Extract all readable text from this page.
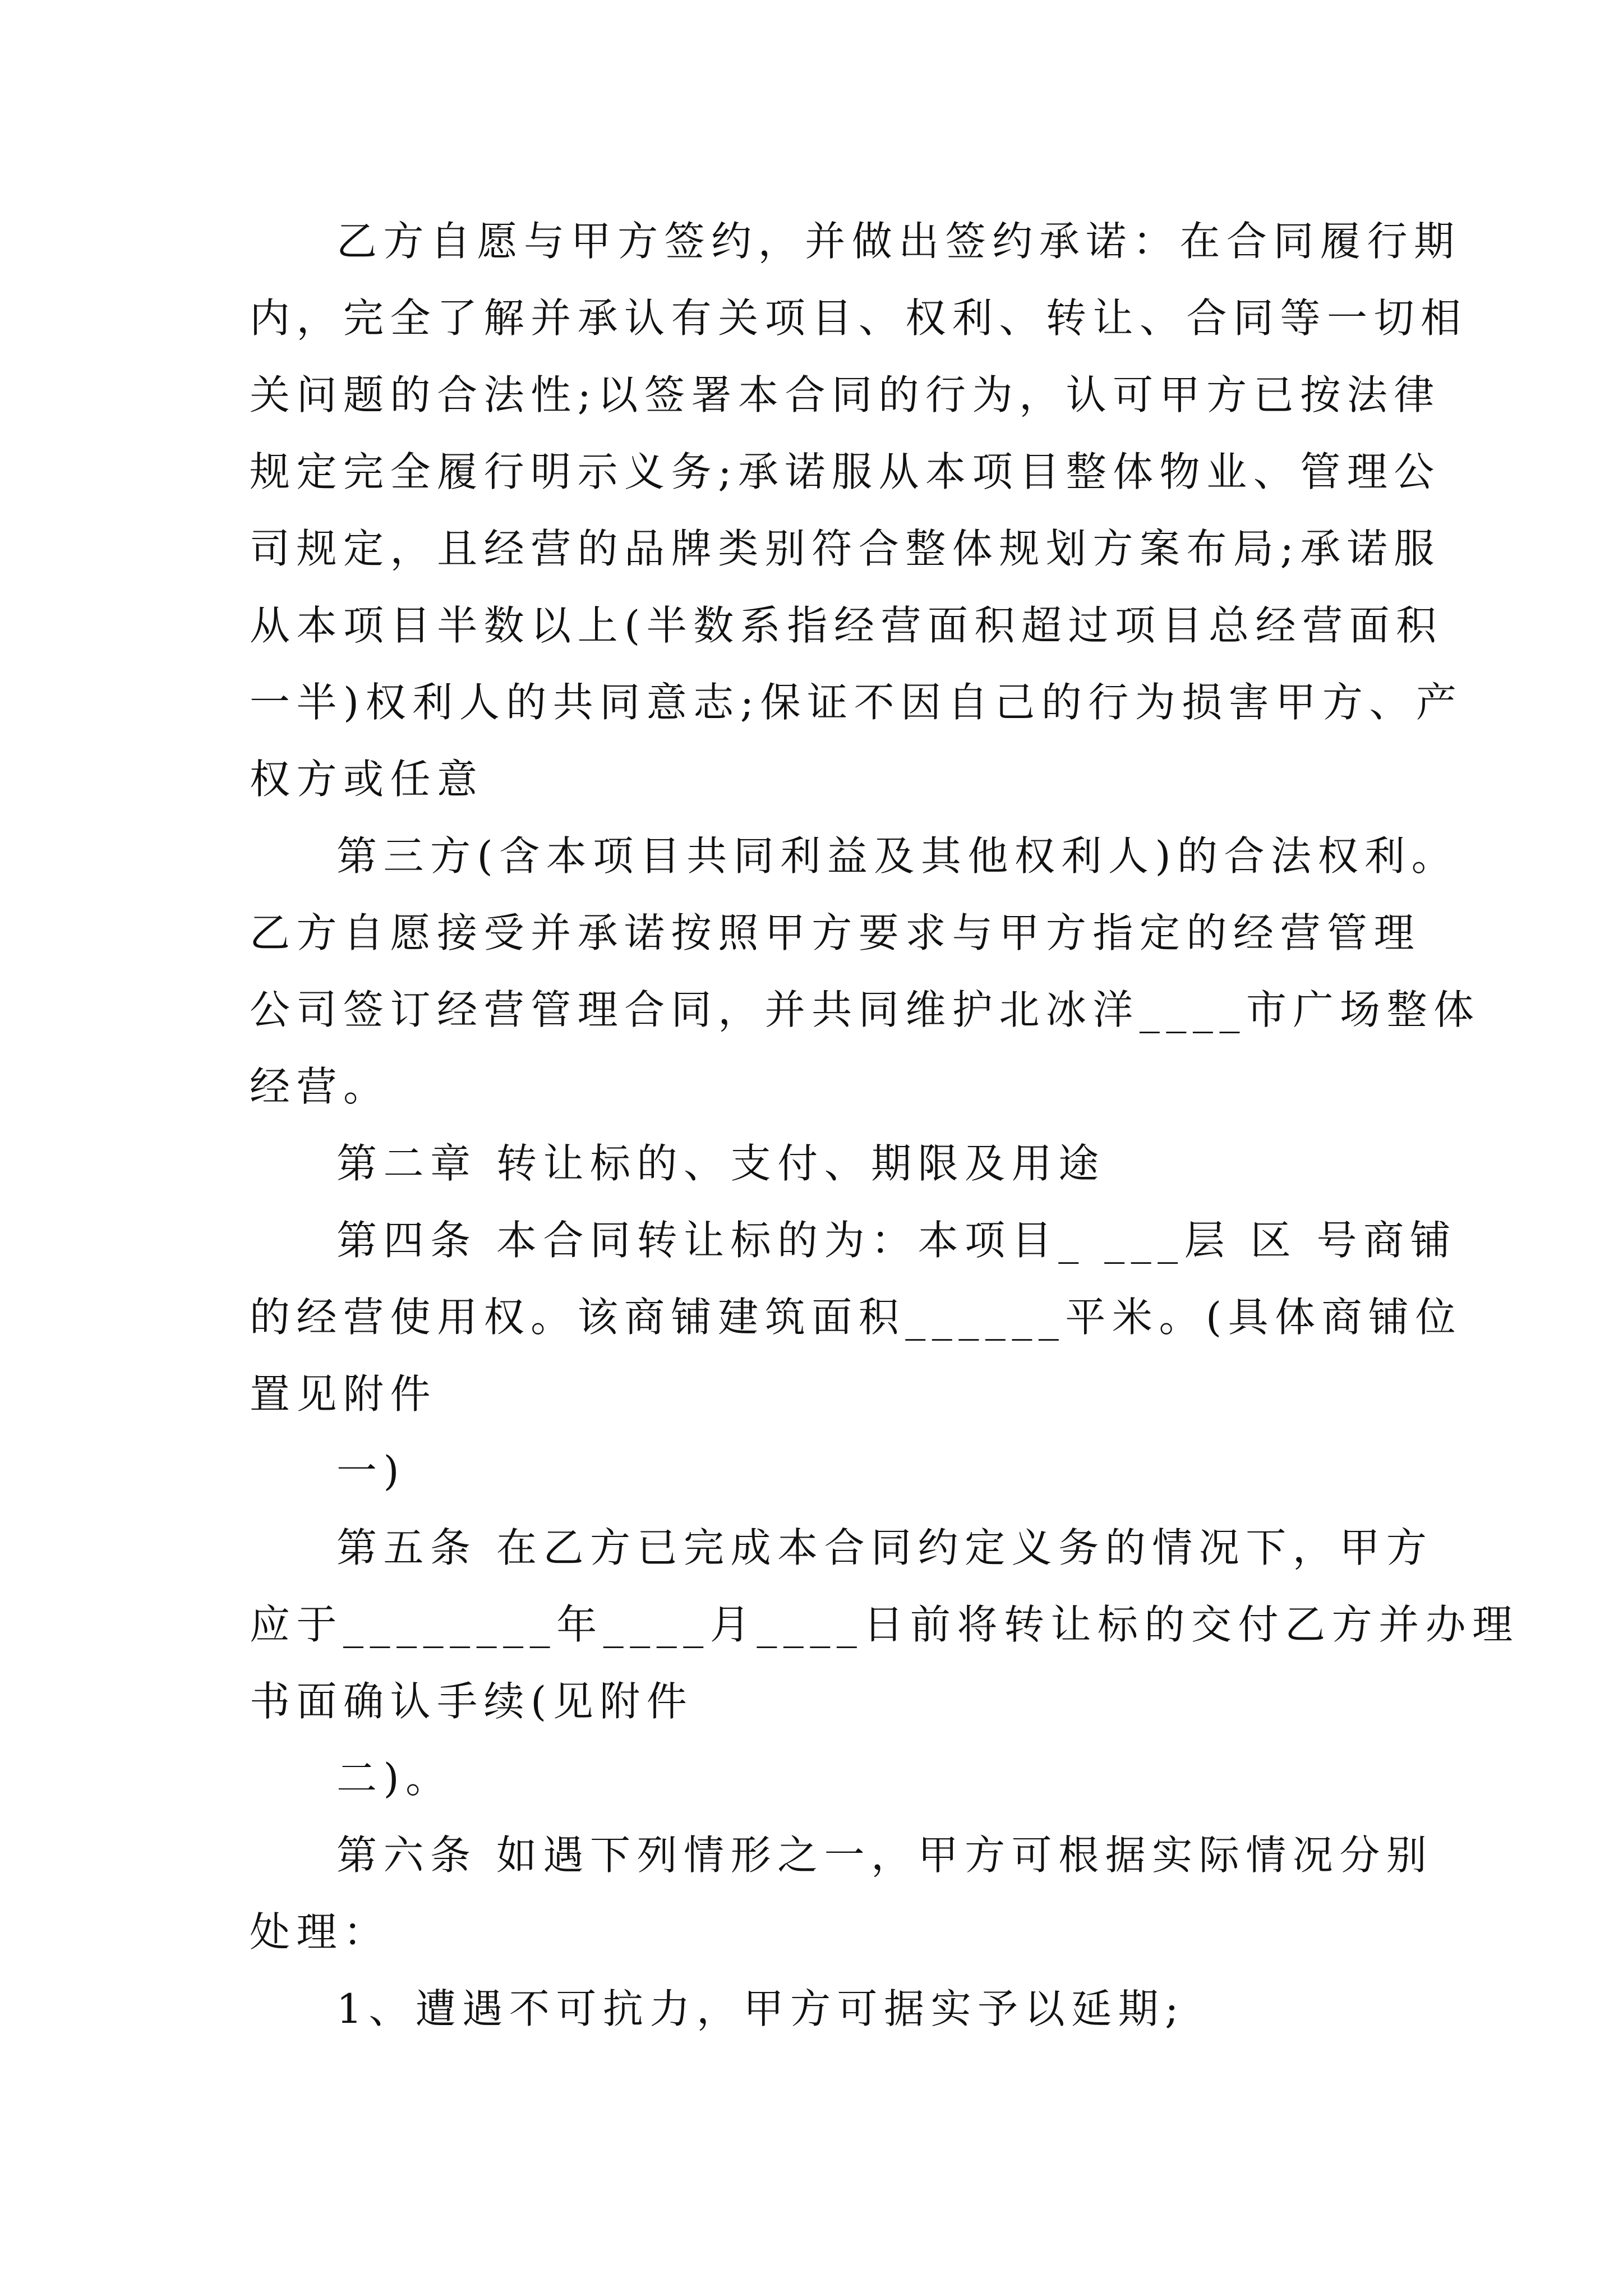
乙方自愿与甲方签约，并做出签约承诺：在合同履行期
内，完全了解并承认有关项目、权利、转让、合同等一切相
关问题的合法性;以签署本合同的行为，认可甲方已按法律
规定完全履行明示义务;承诺服从本项目整体物业、管理公
司规定，且经营的品牌类别符合整体规划方案布局;承诺服
从本项目半数以上(半数系指经营面积超过项目总经营面积
一半)权利人的共同意志;保证不因自己的行为损害甲方、产
权方或任意
第三方(含本项目共同利益及其他权利人)的合法权利。
乙方自愿接受并承诺按照甲方要求与甲方指定的经营管理
公司签订经营管理合同，并共同维护北冰洋____市广场整体
经营。
第二章 转让标的、支付、期限及用途
第四条 本合同转让标的为：本项目_ ___层 区 号商铺
的经营使用权。该商铺建筑面积______平米。(具体商铺位
置见附件
一)
第五条 在乙方已完成本合同约定义务的情况下，甲方
应于________年____月____日前将转让标的交付乙方并办理
书面确认手续(见附件
二)。
第六条 如遇下列情形之一，甲方可根据实际情况分别
处理：
1、遭遇不可抗力，甲方可据实予以延期;
